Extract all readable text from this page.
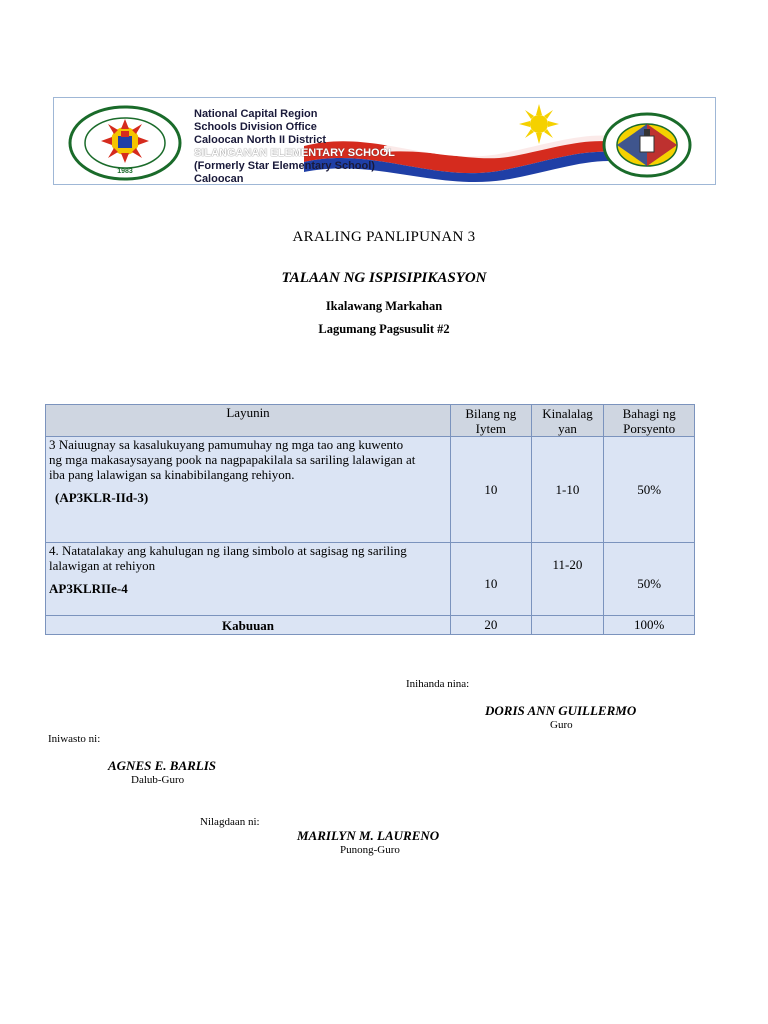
1983
National Capital Region
Schools Division Office
Caloocan North II District
SILANGANAN ELEMENTARY SCHOOL
(Formerly Star Elementary School)
Caloocan
ARALING PANLIPUNAN 3
TALAAN NG ISPISIPIKASYON
Ikalawang Markahan
Lagumang Pagsusulit #2
Layunin	Bilang ng Iytem	Kinalalag yan	Bahagi ng Porsyento

3 Naiuugnay sa kasalukuyang pamumuhay ng mga tao ang kuwento
ng mga makasaysayang pook na nagpapakilala sa sariling lalawigan at
iba pang lalawigan sa kinabibilangang rehiyon.
(AP3KLR-IId-3)	10	1-10	50%

4. Natatalakay ang kahulugan ng ilang simbolo at sagisag ng sariling lalawigan at rehiyon
AP3KLRIIe-4	10	11-20	50%
Kabuuan	20		100%
Inihanda nina:
DORIS ANN GUILLERMO
Guro
Iniwasto ni:
AGNES E. BARLIS
Dalub-Guro
Nilagdaan ni:
MARILYN M. LAURENO
Punong-Guro
